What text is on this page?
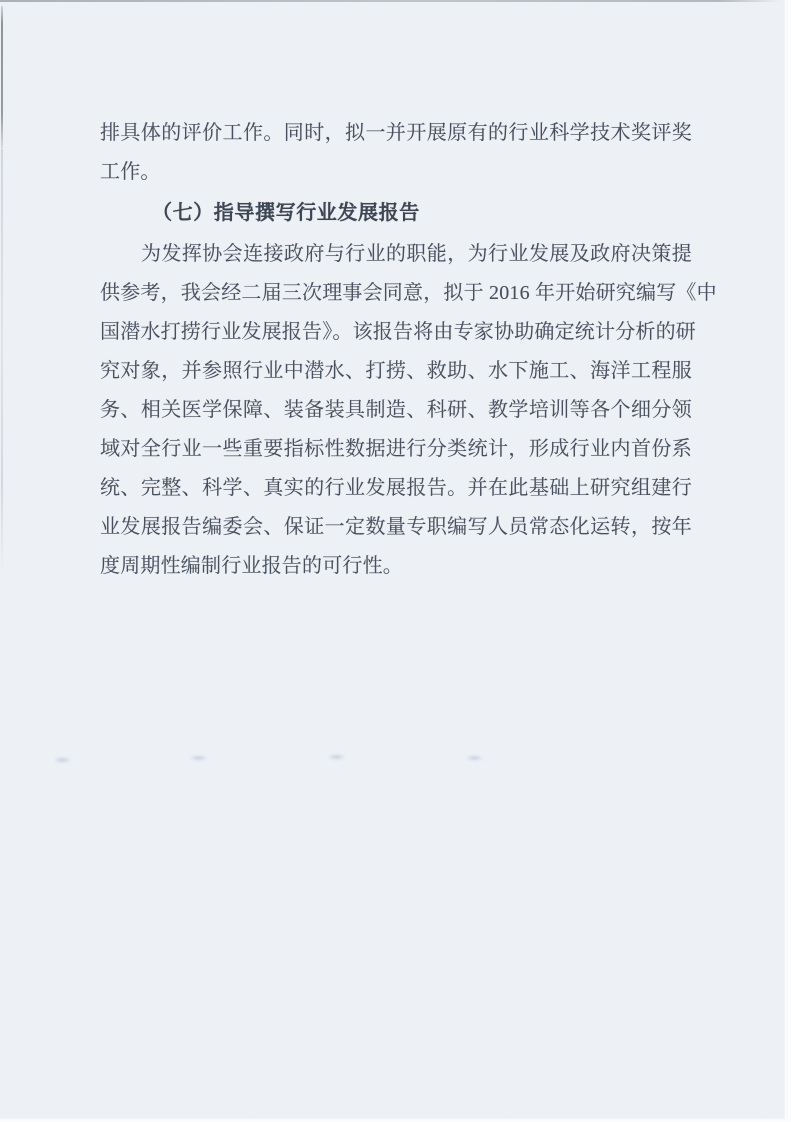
排具体的评价工作。同时，拟一并开展原有的行业科学技术奖评奖
工作。
（七）指导撰写行业发展报告
为发挥协会连接政府与行业的职能，为行业发展及政府决策提
供参考，我会经二届三次理事会同意，拟于 2016 年开始研究编写《中
国潜水打捞行业发展报告》。该报告将由专家协助确定统计分析的研
究对象，并参照行业中潜水、打捞、救助、水下施工、海洋工程服
务、相关医学保障、装备装具制造、科研、教学培训等各个细分领
域对全行业一些重要指标性数据进行分类统计，形成行业内首份系
统、完整、科学、真实的行业发展报告。并在此基础上研究组建行
业发展报告编委会、保证一定数量专职编写人员常态化运转，按年
度周期性编制行业报告的可行性。
